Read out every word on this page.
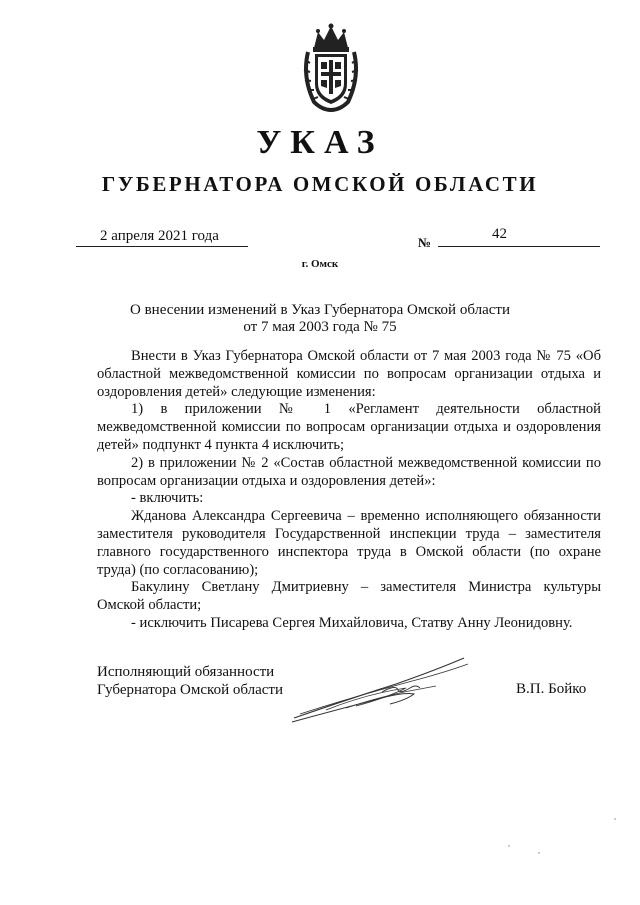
УКАЗ
ГУБЕРНАТОРА ОМСКОЙ ОБЛАСТИ
2 апреля 2021 года	№
42
г. Омск
О внесении изменений в Указ Губернатора Омской области
от 7 мая 2003 года № 75

Внести в Указ Губернатора Омской области от 7 мая 2003 года № 75 «Об областной межведомственной комиссии по вопросам организации отдыха и оздоровления детей» следующие изменения:

1) в приложении № 1 «Регламент деятельности областной межведомственной комиссии по вопросам организации отдыха и оздоровления детей» подпункт 4 пункта 4 исключить;

2) в приложении № 2 «Состав областной межведомственной комиссии по вопросам организации отдыха и оздоровления детей»:

- включить:

Жданова Александра Сергеевича – временно исполняющего обязанности заместителя руководителя Государственной инспекции труда – заместителя главного государственного инспектора труда в Омской области (по охране труда) (по согласованию);

Бакулину Светлану Дмитриевну – заместителя Министра культуры Омской области;

- исключить Писарева Сергея Михайловича, Статву Анну Леонидовну.

Исполняющий обязанности
Губернатора Омской области	В.П. Бойко
